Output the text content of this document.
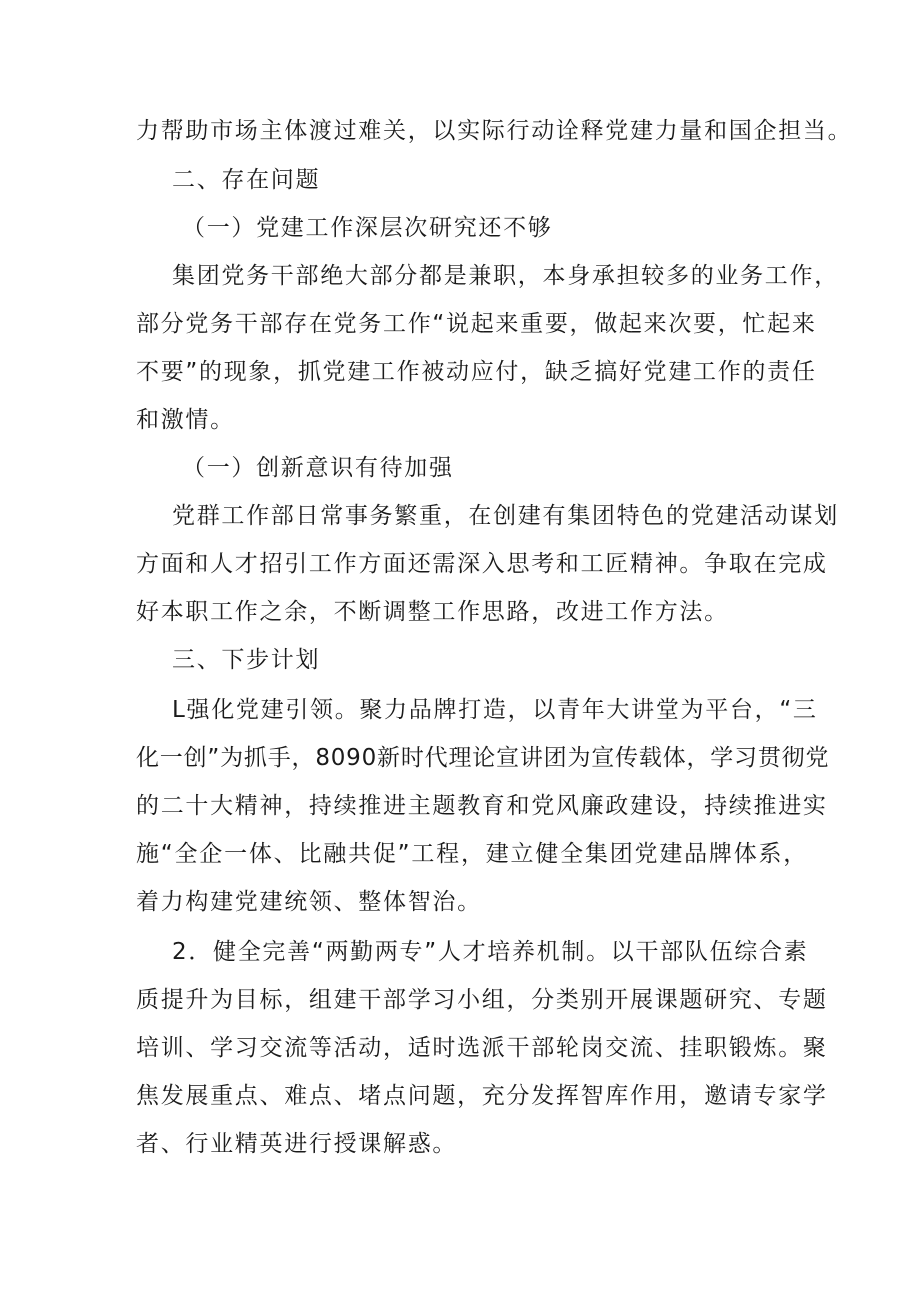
力帮助市场主体渡过难关，以实际行动诠释党建力量和国企担当。
二、存在问题
（一）党建工作深层次研究还不够
集团党务干部绝大部分都是兼职，本身承担较多的业务工作，
部分党务干部存在党务工作“说起来重要，做起来次要，忙起来
不要”的现象，抓党建工作被动应付，缺乏搞好党建工作的责任
和激情。
（一）创新意识有待加强
党群工作部日常事务繁重，在创建有集团特色的党建活动谋划
方面和人才招引工作方面还需深入思考和工匠精神。争取在完成
好本职工作之余，不断调整工作思路，改进工作方法。
三、下步计划
L强化党建引领。聚力品牌打造，以青年大讲堂为平台，“三
化一创”为抓手，8090新时代理论宣讲团为宣传载体，学习贯彻党
的二十大精神，持续推进主题教育和党风廉政建设，持续推进实
施“全企一体、比融共促”工程，建立健全集团党建品牌体系，
着力构建党建统领、整体智治。
2．健全完善“两勤两专”人才培养机制。以干部队伍综合素
质提升为目标，组建干部学习小组，分类别开展课题研究、专题
培训、学习交流等活动，适时选派干部轮岗交流、挂职锻炼。聚
焦发展重点、难点、堵点问题，充分发挥智库作用，邀请专家学
者、行业精英进行授课解惑。
